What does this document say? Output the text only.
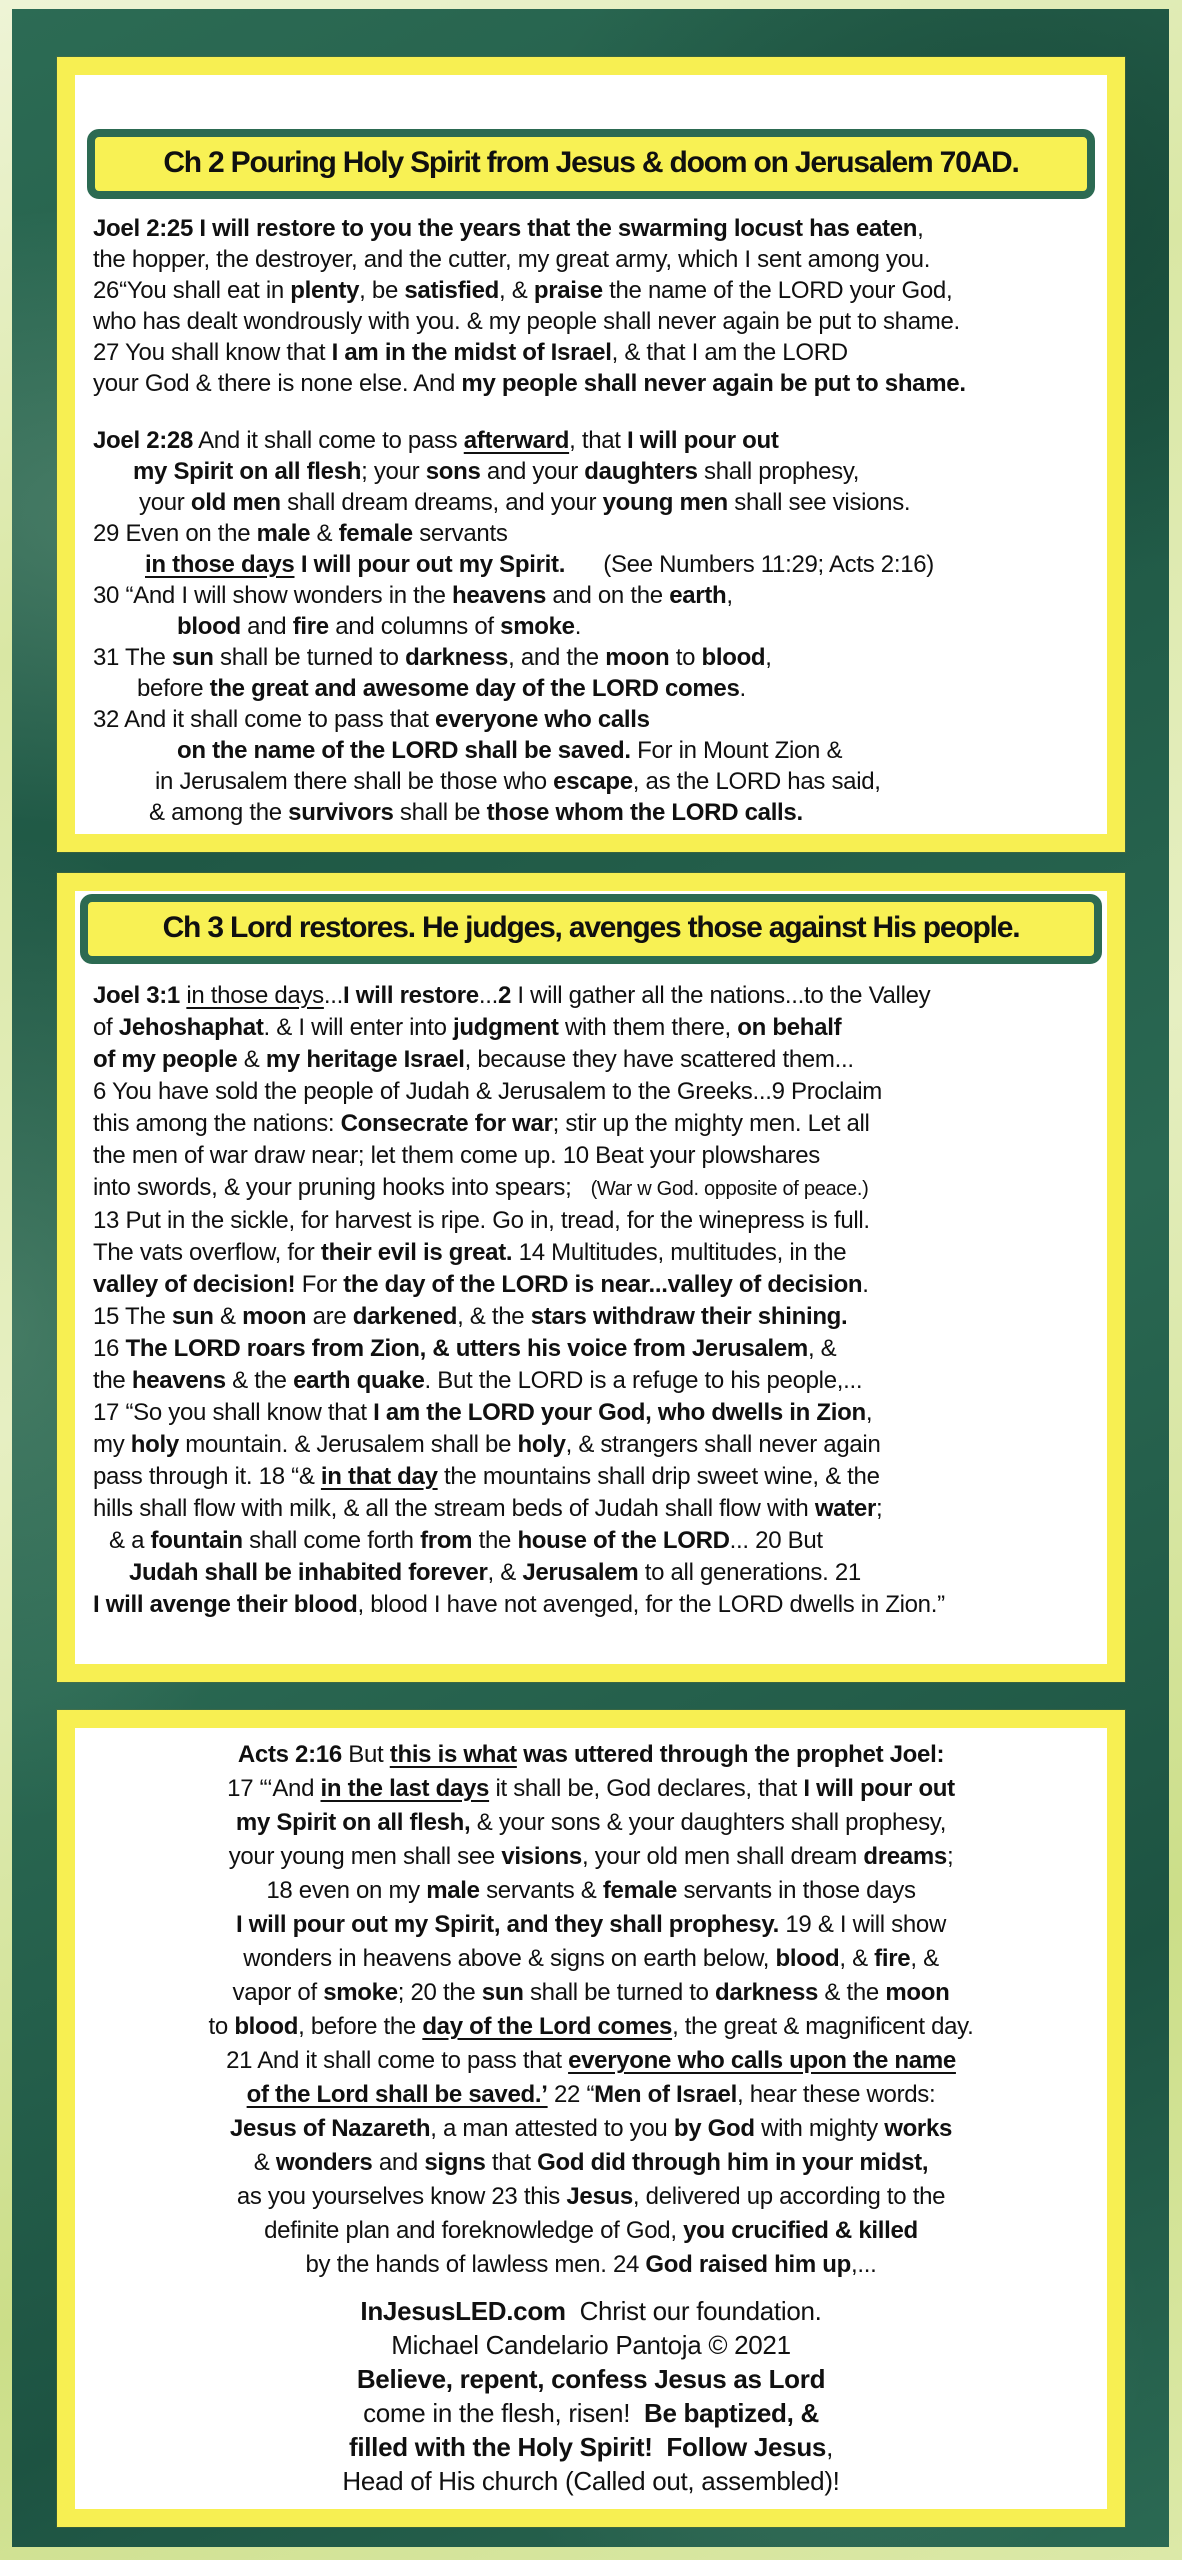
Ch 2 Pouring Holy Spirit from Jesus & doom on Jerusalem 70AD.
Joel 2:25 I will restore to you the years that the swarming locust has eaten,
the hopper, the destroyer, and the cutter, my great army, which I sent among you.
26“You shall eat in plenty, be satisfied, & praise the name of the LORD your God,
who has dealt wondrously with you. & my people shall never again be put to shame.
27 You shall know that I am in the midst of Israel, & that I am the LORD
your God & there is none else. And my people shall never again be put to shame.
Joel 2:28 And it shall come to pass afterward, that I will pour out
my Spirit on all flesh; your sons and your daughters shall prophesy,
your old men shall dream dreams, and your young men shall see visions.
29 Even on the male & female servants
in those days I will pour out my Spirit.      (See Numbers 11:29; Acts 2:16)
30 “And I will show wonders in the heavens and on the earth,
blood and fire and columns of smoke.
31 The sun shall be turned to darkness, and the moon to blood,
before the great and awesome day of the LORD comes.
32 And it shall come to pass that everyone who calls
on the name of the LORD shall be saved. For in Mount Zion &
in Jerusalem there shall be those who escape, as the LORD has said,
& among the survivors shall be those whom the LORD calls.
Ch 3 Lord restores. He judges, avenges those against His people.
Joel 3:1 in those days...I will restore...2 I will gather all the nations...to the Valley
of Jehoshaphat. & I will enter into judgment with them there, on behalf
of my people & my heritage Israel, because they have scattered them...
6 You have sold the people of Judah & Jerusalem to the Greeks...9 Proclaim
this among the nations: Consecrate for war; stir up the mighty men. Let all
the men of war draw near; let them come up. 10 Beat your plowshares
into swords, & your pruning hooks into spears;   (War w God. opposite of peace.)
13 Put in the sickle, for harvest is ripe. Go in, tread, for the winepress is full.
The vats overflow, for their evil is great. 14 Multitudes, multitudes, in the
valley of decision! For the day of the LORD is near...valley of decision.
15 The sun & moon are darkened, & the stars withdraw their shining.
16 The LORD roars from Zion, & utters his voice from Jerusalem, &
the heavens & the earth quake. But the LORD is a refuge to his people,...
17 “So you shall know that I am the LORD your God, who dwells in Zion,
my holy mountain. & Jerusalem shall be holy, & strangers shall never again
pass through it. 18 “& in that day the mountains shall drip sweet wine, & the
hills shall flow with milk, & all the stream beds of Judah shall flow with water;
& a fountain shall come forth from the house of the LORD... 20 But
Judah shall be inhabited forever, & Jerusalem to all generations. 21
I will avenge their blood, blood I have not avenged, for the LORD dwells in Zion.”
Acts 2:16 But this is what was uttered through the prophet Joel:
17 “‘And in the last days it shall be, God declares, that I will pour out
my Spirit on all flesh, & your sons & your daughters shall prophesy,
your young men shall see visions, your old men shall dream dreams;
18 even on my male servants & female servants in those days
I will pour out my Spirit, and they shall prophesy. 19 & I will show
wonders in heavens above & signs on earth below, blood, & fire, &
vapor of smoke; 20 the sun shall be turned to darkness & the moon
to blood, before the day of the Lord comes, the great & magnificent day.
21 And it shall come to pass that everyone who calls upon the name
of the Lord shall be saved.’ 22 “Men of Israel, hear these words:
Jesus of Nazareth, a man attested to you by God with mighty works
& wonders and signs that God did through him in your midst,
as you yourselves know 23 this Jesus, delivered up according to the
definite plan and foreknowledge of God, you crucified & killed
by the hands of lawless men. 24 God raised him up,...
InJesusLED.com  Christ our foundation.
Michael Candelario Pantoja © 2021
Believe, repent, confess Jesus as Lord
come in the flesh, risen!  Be baptized, &
filled with the Holy Spirit!  Follow Jesus,
Head of His church (Called out, assembled)!
